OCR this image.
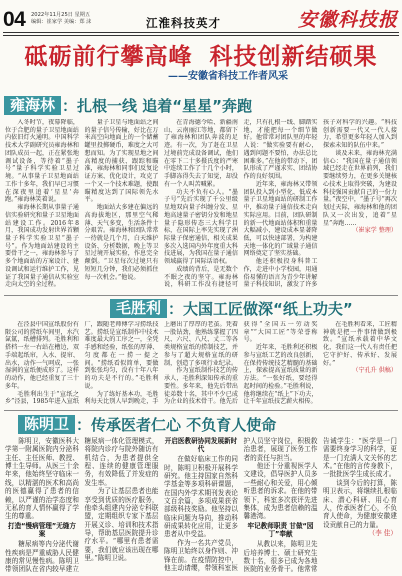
04 2022年11月25日 星期五
编辑：崔家学 美编：郑 沫	江淮科技英才	安徽科技报
砥砺前行攀高峰 科技创新结硕果
——安徽省科技工作者风采
雍海林 ：扎根一线 追着“星星”奔跑

入冬时节，夜幕降临，位于合肥的量子卫星地面站内依旧灯火通明。中国科学技术大学副研究员雍海林和团队成员一起，正在紧张地调试设备，等待着“墨子号”量子科学实验卫星过境。“从事量子卫星地面站工作十多年，我们早已习惯在深夜里追着‘星星’奔跑。”雍海林笑着说。

雍海林长期从事量子通信实验研究和量子卫星地面站建设工作。2016年8月，我国成功发射世界首颗量子科学实验卫星“墨子号”。作为地面站建设的主要骨干之一，雍海林参与了多个地面站的方案设计、建设调试和运行维护工作，见证了我国量子通信从实验室走向太空的全过程。

量子卫星与地面站之间的量子信号传输，好比在万米高空向地面上的一个储蓄罐里投掷硬币，难度之大可想而知。为了实现星地之间高精度的捕获、跟踪和瞄准，雍海林和同事们反复论证方案、优化设计，攻克了一个又一个技术难题，使跟瞄精度达到了国际领先水平。

地面站大多建在偏远的高海拔地区，那里空气稀薄、天气多变，生活条件十分艰苦。雍海林和团队常常一待就是几个月，白天维护设备、分析数据，晚上等卫星过境开展实验，作息完全颠倒。“卫星每次过境只有短短几分钟，我们必须抓住每一次机会。”他说。

在青海德令哈、新疆南山、云南丽江等地，都留下了雍海林和团队奔波的足迹。有一次，为了赶在卫星过境前完成设备调试，他们在零下二十多摄氏度的严寒中连续工作了十几个小时，手脚冻得失去了知觉，却没有一个人叫苦喊累。

功夫不负有心人。“墨子号”先后实现了千公里级星地双向量子纠缠分发、星地高速量子密钥分发和地星量子隐形传态三大科学目标，在国际上率先实现了洲际量子保密通信，相关成果多次入选国内外年度重大科技进展，为我国在量子通信领域赢得了国际话语权。

成绩的背后，是无数个不眠之夜的坚守。雍海林说，科研工作没有捷径可走，只有扎根一线、脚踏实地，才能把每一个细节做好。他常常对团队里的年轻人说：“做实验要有耐心，遇到问题不要怕，办法总比困难多。”在他的带动下，团队形成了严谨求实、团结协作的良好氛围。

近年来，雍海林又带领团队投入到小型化、低成本量子卫星地面站的研制工作中，推动量子通信技术走向实际应用。目前，团队研制的新一代地面站体积和重量大幅减小，建设成本显著降低，可以快速部署，为构建天地一体化的广域量子通信网络奠定了坚实基础。

他还积极投身科普工作，走进中小学校园，用通俗易懂的语言为青少年讲解量子科技知识，激发了许多孩子对科学的兴趣。“科技创新需要一代又一代人接力，希望更多年轻人加入到探索未知的队伍中来。”

谈及未来，雍海林充满信心：“我国在量子通信领域已经走在世界前列，我们要继续努力，在更多关键核心技术上取得突破，为建设科技强国贡献自己的一份力量。”夜空中，“墨子号”再次划过天际，雍海林和他的团队又一次出发，追着“星星”奔跑……

（崔家学 整理）

毛胜利 ：大国工匠做深“纸上功夫”

在泾县中国宣纸股份有限公司的捞纸车间里，水汽氤氲，纸槽排列。毛胜利和搭档一左一右站在槽边，双手端起纸帘，入水、提帘、出水，动作一气呵成，一张湿润的宣纸便成形了。这样的动作，他已经重复了三十多年。

毛胜利出生于“宣纸之乡”泾县，1985年进入宣纸厂，跟随老师傅学习捞纸技艺。捞纸是宣纸制作中技术难度最大的工序之一，全凭手感和经验，纸张的厚薄、匀度都在一捞一提之间。“捞纸看似简单，要做到张张均匀，没有十年八年的功夫是不行的。”毛胜利说。

为了练好基本功，毛胜利每天比别人早到晚走，手上磨出了厚厚的老茧。凭着一股钻劲，他熟练掌握了四尺、六尺、八尺、丈二等各类规格宣纸的捞制技艺，并参与了超大规格宣纸的研制，创造了多项行业纪录。

作为宣纸制作技艺的传承人，毛胜利深知传承的重要性。多年来，他先后带出徒弟数十名，其中不少已成为企业的技术骨干。他先后获得“全国五一劳动奖章”“大国工匠”等荣誉称号。

近年来，毛胜利还积极参与宣纸工艺的改良创新，在保持传统技艺精髓的基础上，探索提高宣纸质量的新方法。“一张好纸，要经得起时间的检验。”毛胜利说，他将继续在“纸上”下功夫，让千年宣纸技艺薪火相传。

在毛胜利看来，工匠精神就是把一件事情做到极致。“宣纸承载着中华文化，我们这一代人有责任把它守护好、传承好、发展好。”

（宁孔升 供稿）

陈明卫 ：传承医者仁心 不负育人使命

陈明卫，安徽医科大学第一附属医院内分泌科主任、主任医师、教授、博士生导师。从医三十余年来，他始终坚守临床一线，以精湛的医术和高尚的医德赢得了患者的信赖，以严谨的治学态度和无私的育人情怀赢得了学生的尊重。

打造“慢病管理”无缝方案

糖尿病等内分泌代谢性疾病是严重威胁人民健康的常见慢性病。陈明卫带领团队在省内较早建立糖尿病一体化管理模式，将院内诊疗与院外随访有机结合，为患者提供全程、连续的健康管理服务，有效降低了并发症的发生率。

为了让基层患者也能享受到优质的医疗服务，他牵头组建内分泌专科联盟，定期组织专家下基层开展义诊、培训和技术指导，帮助基层医院提升诊疗水平。“哪里有患者需要，我们就应该出现在哪里。”陈明卫说。

开启医教研协同发展新时代

在做好临床工作的同时，陈明卫积极开展科学研究。他主持国家自然科学基金等多项科研课题，在国内外学术期刊发表论文百余篇，多项成果获省部级科技奖励。他坚持以临床问题为导向，推动科研成果转化应用，让更多患者从中受益。

作为一名共产党员，陈明卫始终以身作则、冲锋在前。在疫情防控中，他主动请缨，带领科室医护人员坚守岗位，积极救治患者，展现了医务工作者的责任与担当。

他还十分重视医学人文建设，倡导医护人员多一些耐心和关爱，用心倾听患者的诉求。在他的带领下，科室多次获评先进集体，成为患者信赖的温馨港湾。

牢记教师职责 甘做“园丁”奉献

从教以来，陈明卫先后培养博士、硕士研究生数十名，很多已成为各地医院的业务骨干。他常常告诫学生：“医学是一门需要终身学习的科学，更是一门充满人文关怀的艺术。”在他的言传身教下，一批批医学生成长成才。

谈到今后的打算，陈明卫表示，将继续扎根临床、潜心科研、用心育人，传承医者仁心，不负育人使命，为健康安徽建设贡献自己的力量。

（李 佳）
